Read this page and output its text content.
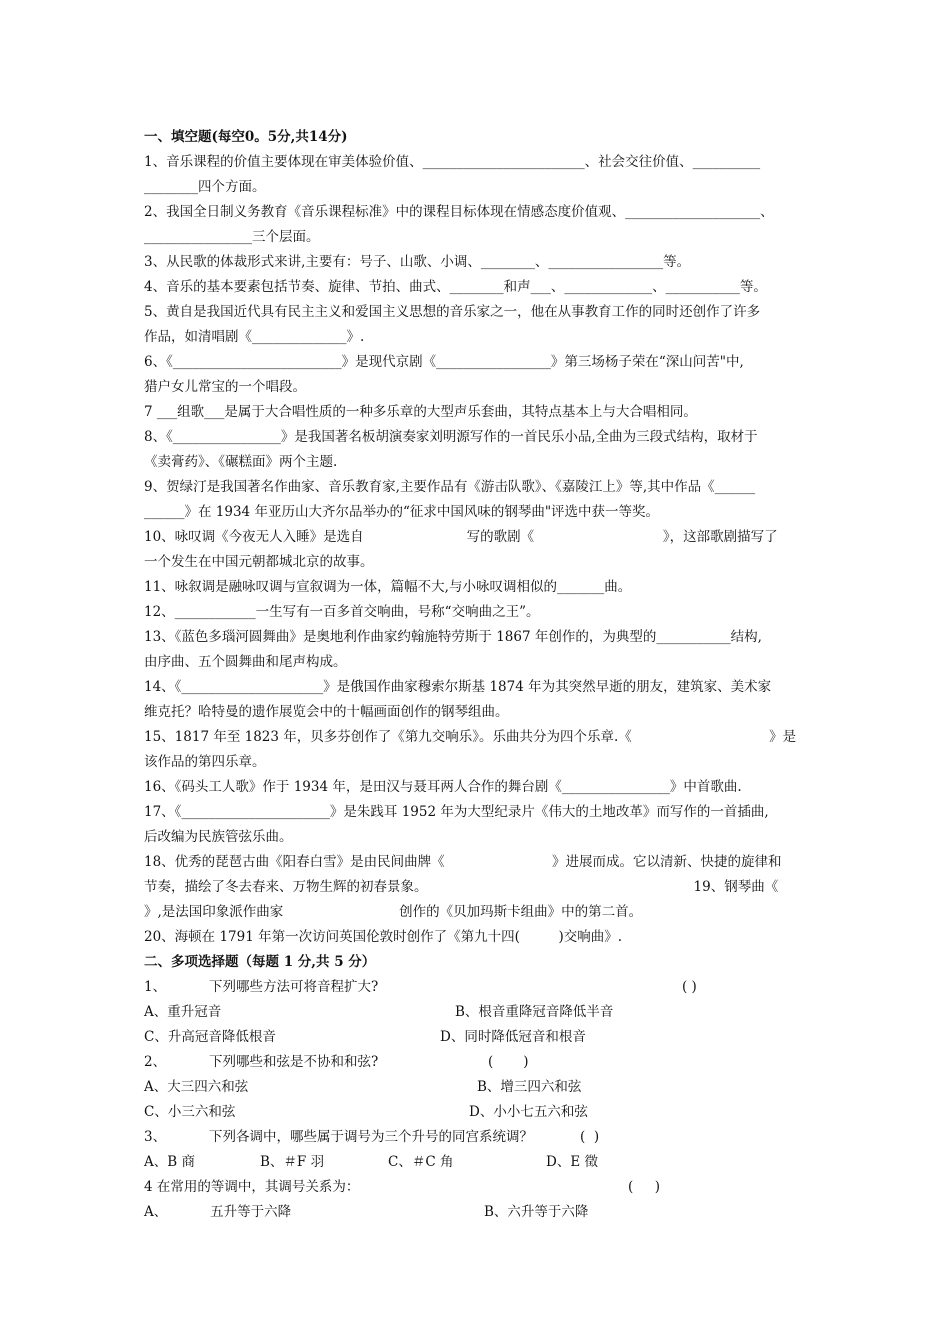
一、填空题(每空0。5分,共14分)
1、音乐课程的价值主要体现在审美体验价值、________________________、社会交往价值、__________
________四个方面。
2、我国全日制义务教育《音乐课程标准》中的课程目标体现在情感态度价值观、____________________、
________________三个层面。
3、从民歌的体裁形式来讲,主要有：号子、山歌、小调、________、_________________等。
4、音乐的基本要素包括节奏、旋律、节拍、曲式、________和声___、_____________、___________等。
5、黄自是我国近代具有民主主义和爱国主义思想的音乐家之一，他在从事教育工作的同时还创作了许多
作品，如清唱剧《______________》.
6、《_________________________》是现代京剧《_________________》第三场杨子荣在“深山问苦"中,
猎户女儿常宝的一个唱段。
7 ___组歌___是属于大合唱性质的一种多乐章的大型声乐套曲，其特点基本上与大合唱相同。
8、《________________》是我国著名板胡演奏家刘明源写作的一首民乐小品,全曲为三段式结构，取材于
《卖膏药》、《碾糕面》两个主题.
9、贺绿汀是我国著名作曲家、音乐教育家,主要作品有《游击队歌》、《嘉陵江上》等,其中作品《______
______》在 1934 年亚历山大齐尔品举办的“征求中国风味的钢琴曲"评选中获一等奖。
10、咏叹调《今夜无人入睡》是选自                        写的歌剧《                              》，这部歌剧描写了
一个发生在中国元朝都城北京的故事。
11、咏叙调是融咏叹调与宣叙调为一体，篇幅不大,与小咏叹调相似的_______曲。
12、____________一生写有一百多首交响曲，号称“交响曲之王”。
13、《蓝色多瑙河圆舞曲》是奥地利作曲家约翰施特劳斯于 1867 年创作的，为典型的___________结构,
由序曲、五个圆舞曲和尾声构成。
14、《_____________________》是俄国作曲家穆索尔斯基 1874 年为其突然早逝的朋友，建筑家、美术家
维克托？哈特曼的遗作展览会中的十幅画面创作的钢琴组曲。
15、1817 年至 1823 年，贝多芬创作了《第九交响乐》。乐曲共分为四个乐章.《                                》是
该作品的第四乐章。
16、《码头工人歌》作于 1934 年，是田汉与聂耳两人合作的舞台剧《________________》中首歌曲.
17、《______________________》是朱践耳 1952 年为大型纪录片《伟大的土地改革》而写作的一首插曲,
后改编为民族管弦乐曲。
18、优秀的琵琶古曲《阳春白雪》是由民间曲牌《                         》进展而成。它以清新、快捷的旋律和
节奏，描绘了冬去春来、万物生辉的初春景象。                                                              19、钢琴曲《
》,是法国印象派作曲家                           创作的《贝加玛斯卡组曲》中的第二首。
20、海顿在 1791 年第一次访问英国伦敦时创作了《第九十四(         )交响曲》.
二、多项选择题（每题 1 分,共 5 分）
1、          下列哪些方法可将音程扩大?	( )
A、重升冠音	B、根音重降冠音降低半音
C、升高冠音降低根音	D、同时降低冠音和根音
2、          下列哪些和弦是不协和和弦?	(       )
A、大三四六和弦	B、增三四六和弦
C、小三六和弦	D、小小七五六和弦
3、          下列各调中，哪些属于调号为三个升号的同宫系统调？	(  )
A、B 商	B、＃F 羽	C、＃C 角	D、E 徵
4 在常用的等调中，其调号关系为：	(     )
A、          五升等于六降	B、六升等于六降
